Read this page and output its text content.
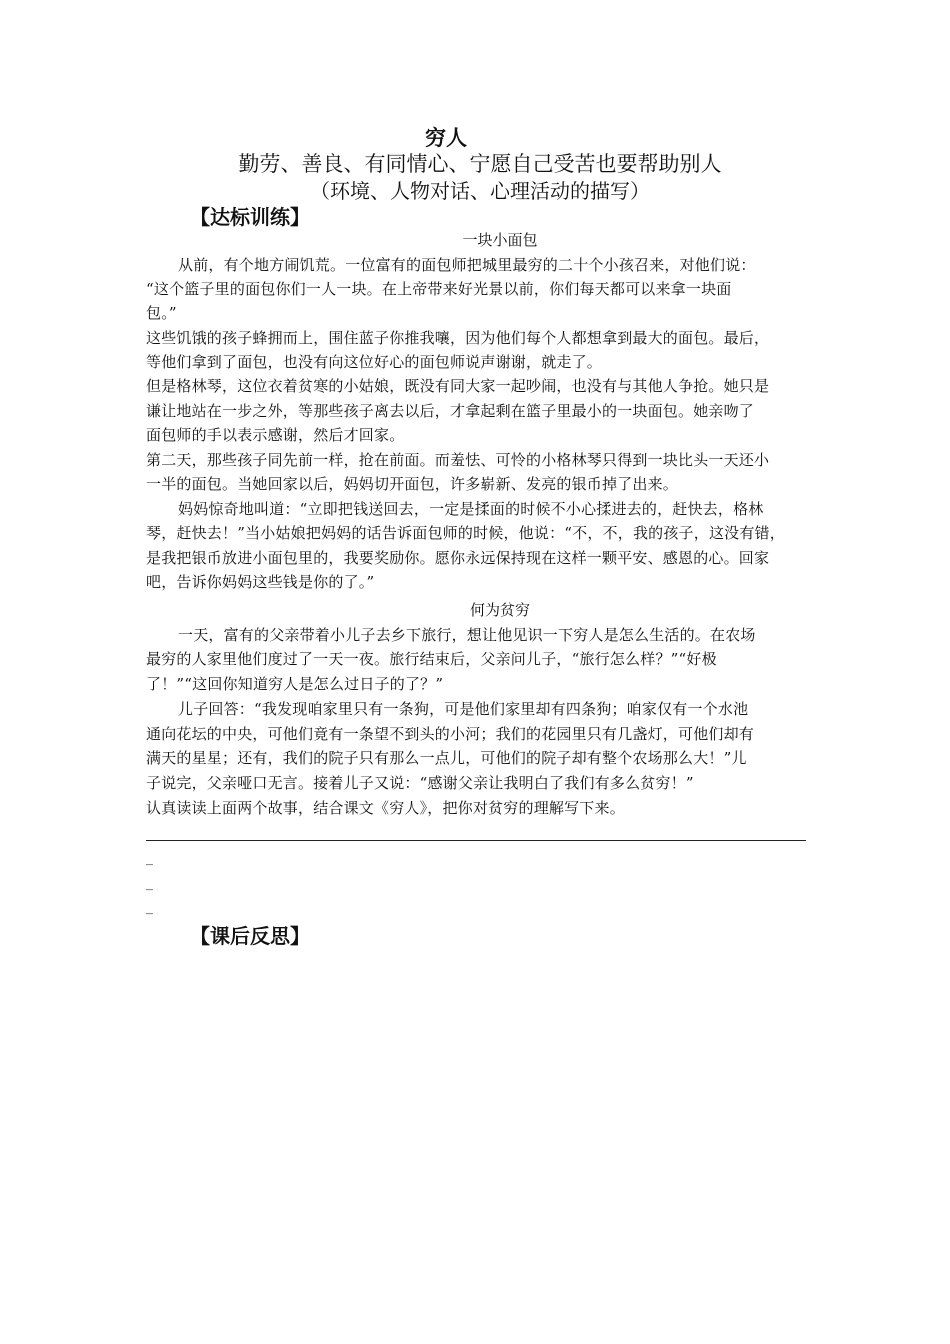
穷人
勤劳、善良、有同情心、宁愿自己受苦也要帮助别人
（环境、人物对话、心理活动的描写）
【达标训练】
一块小面包
从前，有个地方闹饥荒。一位富有的面包师把城里最穷的二十个小孩召来，对他们说：
“这个篮子里的面包你们一人一块。在上帝带来好光景以前，你们每天都可以来拿一块面
包。”
这些饥饿的孩子蜂拥而上，围住蓝子你推我嚷，因为他们每个人都想拿到最大的面包。最后，
等他们拿到了面包，也没有向这位好心的面包师说声谢谢，就走了。
但是格林琴，这位衣着贫寒的小姑娘，既没有同大家一起吵闹，也没有与其他人争抢。她只是
谦让地站在一步之外，等那些孩子离去以后，才拿起剩在篮子里最小的一块面包。她亲吻了
面包师的手以表示感谢，然后才回家。
第二天，那些孩子同先前一样，抢在前面。而羞怯、可怜的小格林琴只得到一块比头一天还小
一半的面包。当她回家以后，妈妈切开面包，许多崭新、发亮的银币掉了出来。
妈妈惊奇地叫道：“立即把钱送回去，一定是揉面的时候不小心揉进去的，赶快去，格林
琴，赶快去！”当小姑娘把妈妈的话告诉面包师的时候，他说：“不，不，我的孩子，这没有错，
是我把银币放进小面包里的，我要奖励你。愿你永远保持现在这样一颗平安、感恩的心。回家
吧，告诉你妈妈这些钱是你的了。”
何为贫穷
一天，富有的父亲带着小儿子去乡下旅行，想让他见识一下穷人是怎么生活的。在农场
最穷的人家里他们度过了一天一夜。旅行结束后，父亲问儿子，“旅行怎么样？”“好极
了！”“这回你知道穷人是怎么过日子的了？”
儿子回答：“我发现咱家里只有一条狗，可是他们家里却有四条狗；咱家仅有一个水池
通向花坛的中央，可他们竟有一条望不到头的小河；我们的花园里只有几盏灯，可他们却有
满天的星星；还有，我们的院子只有那么一点儿，可他们的院子却有整个农场那么大！”儿
子说完，父亲哑口无言。接着儿子又说：“感谢父亲让我明白了我们有多么贫穷！”
认真读读上面两个故事，结合课文《穷人》，把你对贫穷的理解写下来。
_
_
_
【课后反思】
